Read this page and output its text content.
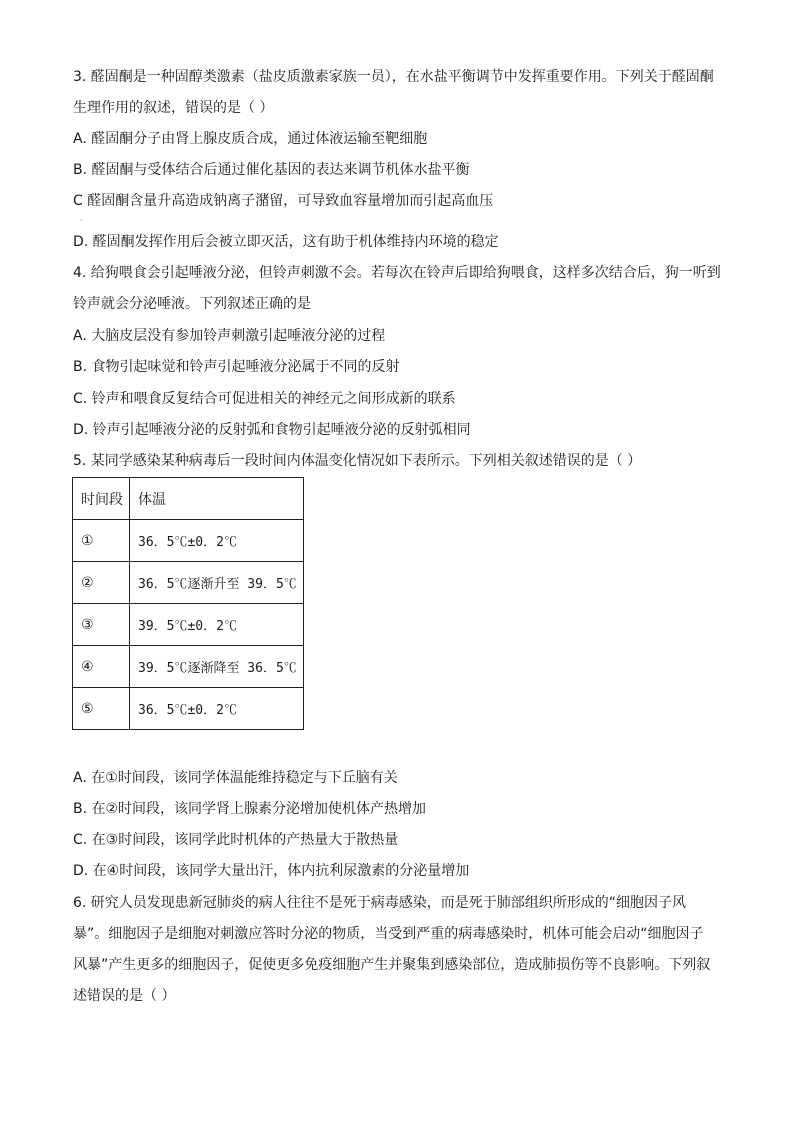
3. 醛固酮是一种固醇类激素（盐皮质激素家族一员），在水盐平衡调节中发挥重要作用。下列关于醛固酮
生理作用的叙述，错误的是（ ）
A. 醛固酮分子由肾上腺皮质合成，通过体液运输至靶细胞
B. 醛固酮与受体结合后通过催化基因的表达来调节机体水盐平衡
C 醛固酮含量升高造成钠离子潴留，可导致血容量增加而引起高血压
·
D. 醛固酮发挥作用后会被立即灭活，这有助于机体维持内环境的稳定
4. 给狗喂食会引起唾液分泌，但铃声刺激不会。若每次在铃声后即给狗喂食，这样多次结合后，狗一听到
铃声就会分泌唾液。下列叙述正确的是
A. 大脑皮层没有参加铃声刺激引起唾液分泌的过程
B. 食物引起味觉和铃声引起唾液分泌属于不同的反射
C. 铃声和喂食反复结合可促进相关的神经元之间形成新的联系
D. 铃声引起唾液分泌的反射弧和食物引起唾液分泌的反射弧相同
5. 某同学感染某种病毒后一段时间内体温变化情况如下表所示。下列相关叙述错误的是（ ）
时间段	体温
①	36．5℃±0．2℃
②	36．5℃逐渐升至 39．5℃
③	39．5℃±0．2℃
④	39．5℃逐渐降至 36．5℃
⑤	36．5℃±0．2℃
A. 在①时间段，该同学体温能维持稳定与下丘脑有关
B. 在②时间段，该同学肾上腺素分泌增加使机体产热增加
C. 在③时间段，该同学此时机体的产热量大于散热量
D. 在④时间段，该同学大量出汗，体内抗利尿激素的分泌量增加
6. 研究人员发现患新冠肺炎的病人往往不是死于病毒感染，而是死于肺部组织所形成的“细胞因子风
暴”。细胞因子是细胞对刺激应答时分泌的物质，当受到严重的病毒感染时，机体可能会启动“细胞因子
风暴”产生更多的细胞因子，促使更多免疫细胞产生并聚集到感染部位，造成肺损伤等不良影响。下列叙
述错误的是（ ）
